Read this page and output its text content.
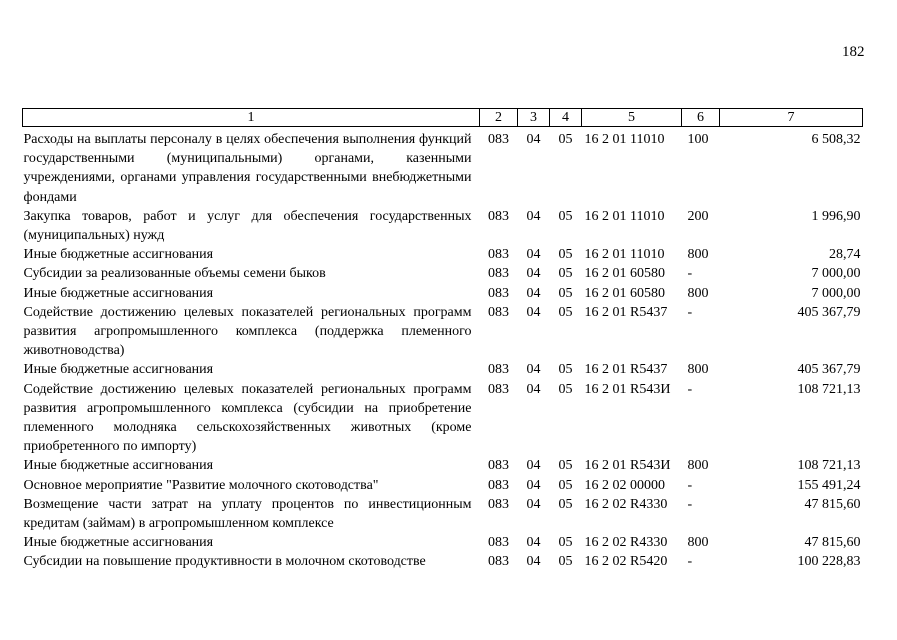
182
1	2	3	4	5	6	7
Расходы на выплаты персоналу в целях обеспечения выполнения функций государственными (муниципальными) органами, казенными учреждениями, органами управления государственными внебюджетными фондами	083	04	05	16 2 01 11010	100	6 508,32
Закупка товаров, работ и услуг для обеспечения государственных (муниципальных) нужд	083	04	05	16 2 01 11010	200	1 996,90
Иные бюджетные ассигнования	083	04	05	16 2 01 11010	800	28,74
Субсидии за реализованные объемы семени быков	083	04	05	16 2 01 60580	-	7 000,00
Иные бюджетные ассигнования	083	04	05	16 2 01 60580	800	7 000,00
Содействие достижению целевых показателей региональных программ развития агропромышленного комплекса (поддержка племенного животноводства)	083	04	05	16 2 01 R5437	-	405 367,79
Иные бюджетные ассигнования	083	04	05	16 2 01 R5437	800	405 367,79
Содействие достижению целевых показателей региональных программ развития агропромышленного комплекса (субсидии на приобретение племенного молодняка сельскохозяйственных животных (кроме приобретенного по импорту)	083	04	05	16 2 01 R543И	-	108 721,13
Иные бюджетные ассигнования	083	04	05	16 2 01 R543И	800	108 721,13
Основное мероприятие "Развитие молочного скотоводства"	083	04	05	16 2 02 00000	-	155 491,24
Возмещение части затрат на уплату процентов по инвестиционным кредитам (займам) в агропромышленном комплексе	083	04	05	16 2 02 R4330	-	47 815,60
Иные бюджетные ассигнования	083	04	05	16 2 02 R4330	800	47 815,60
Субсидии на повышение продуктивности в молочном скотоводстве	083	04	05	16 2 02 R5420	-	100 228,83
